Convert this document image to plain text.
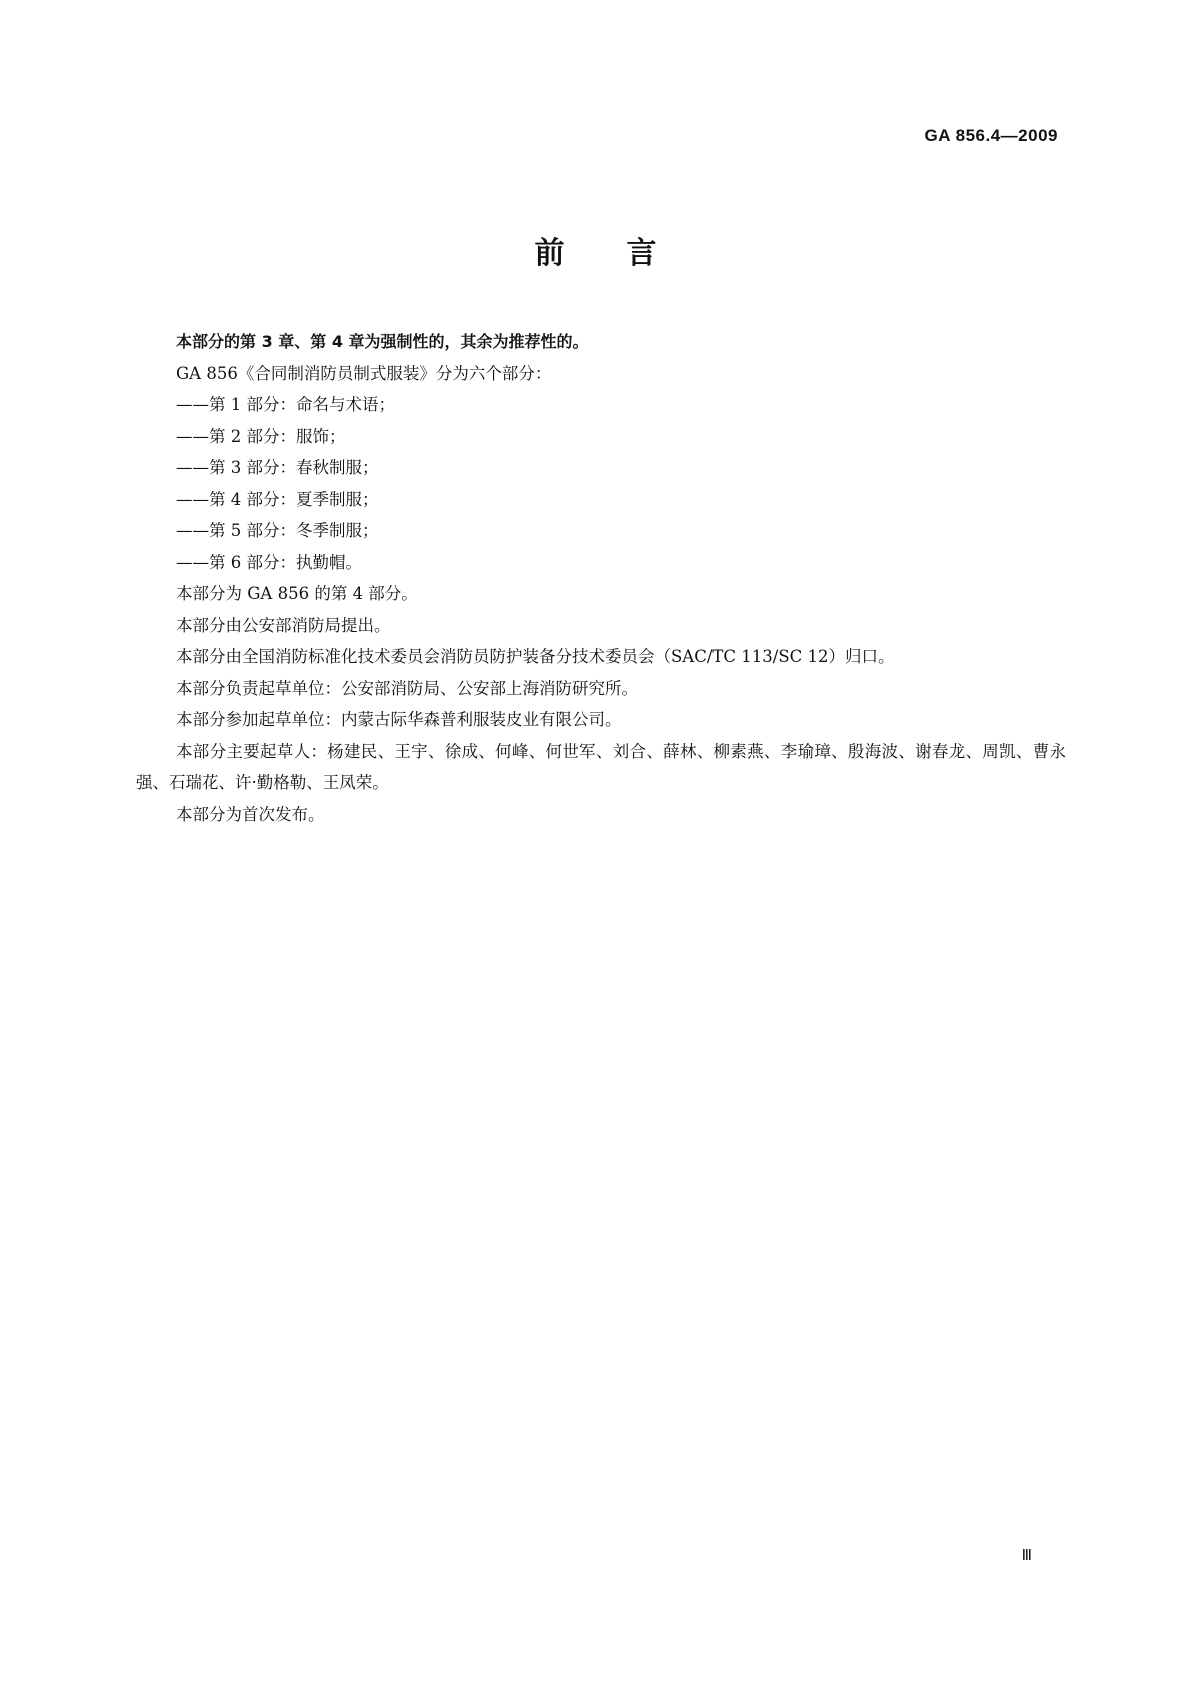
GA 856.4—2009
前 言

本部分的第 3 章、第 4 章为强制性的，其余为推荐性的。

GA 856《合同制消防员制式服装》分为六个部分：

——第 1 部分：命名与术语；

——第 2 部分：服饰；

——第 3 部分：春秋制服；

——第 4 部分：夏季制服；

——第 5 部分：冬季制服；

——第 6 部分：执勤帽。

本部分为 GA 856 的第 4 部分。

本部分由公安部消防局提出。

本部分由全国消防标准化技术委员会消防员防护装备分技术委员会（SAC/TC 113/SC 12）归口。

本部分负责起草单位：公安部消防局、公安部上海消防研究所。

本部分参加起草单位：内蒙古际华森普利服装皮业有限公司。

本部分主要起草人：杨建民、王宇、徐成、何峰、何世军、刘合、薛林、柳素燕、李瑜璋、殷海波、谢春龙、周凯、曹永强、石瑞花、许·勤格勒、王凤荣。

本部分为首次发布。

Ⅲ
